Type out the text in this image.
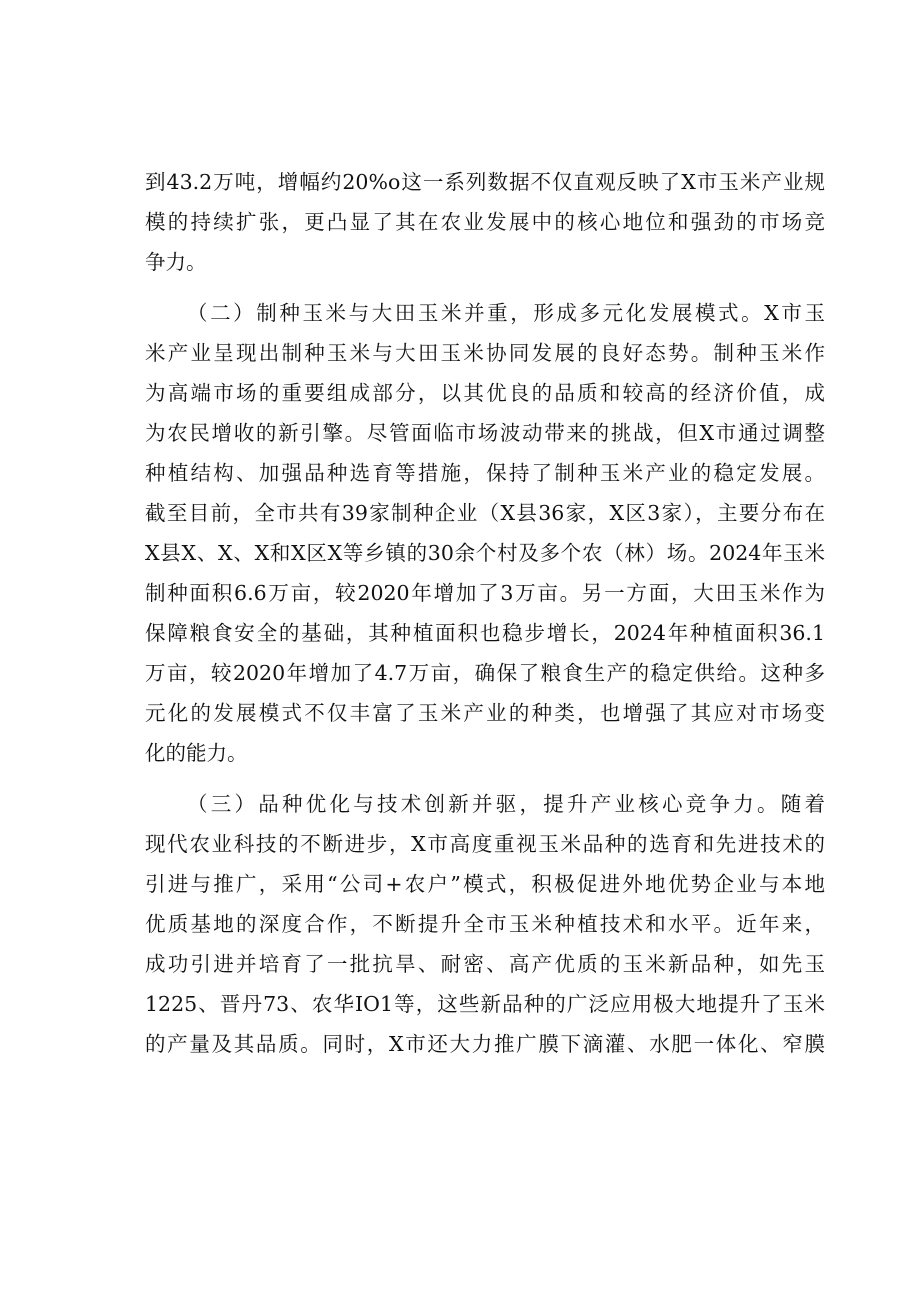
到43.2万吨，增幅约20%o这一系列数据不仅直观反映了X市玉米产业规

模的持续扩张，更凸显了其在农业发展中的核心地位和强劲的市场竞

争力。

（二）制种玉米与大田玉米并重，形成多元化发展模式。X市玉

米产业呈现出制种玉米与大田玉米协同发展的良好态势。制种玉米作

为高端市场的重要组成部分，以其优良的品质和较高的经济价值，成

为农民增收的新引擎。尽管面临市场波动带来的挑战，但X市通过调整

种植结构、加强品种选育等措施，保持了制种玉米产业的稳定发展。

截至目前，全市共有39家制种企业（X县36家，X区3家），主要分布在

X县X、X、X和X区X等乡镇的30余个村及多个农（林）场。2024年玉米

制种面积6.6万亩，较2020年增加了3万亩。另一方面，大田玉米作为

保障粮食安全的基础，其种植面积也稳步增长，2024年种植面积36.1

万亩，较2020年增加了4.7万亩，确保了粮食生产的稳定供给。这种多

元化的发展模式不仅丰富了玉米产业的种类，也增强了其应对市场变

化的能力。

（三）品种优化与技术创新并驱，提升产业核心竞争力。随着

现代农业科技的不断进步，X市高度重视玉米品种的选育和先进技术的

引进与推广，采用“公司+农户”模式，积极促进外地优势企业与本地

优质基地的深度合作，不断提升全市玉米种植技术和水平。近年来，

成功引进并培育了一批抗旱、耐密、高产优质的玉米新品种，如先玉

1225、晋丹73、农华IO1等，这些新品种的广泛应用极大地提升了玉米

的产量及其品质。同时，X市还大力推广膜下滴灌、水肥一体化、窄膜
